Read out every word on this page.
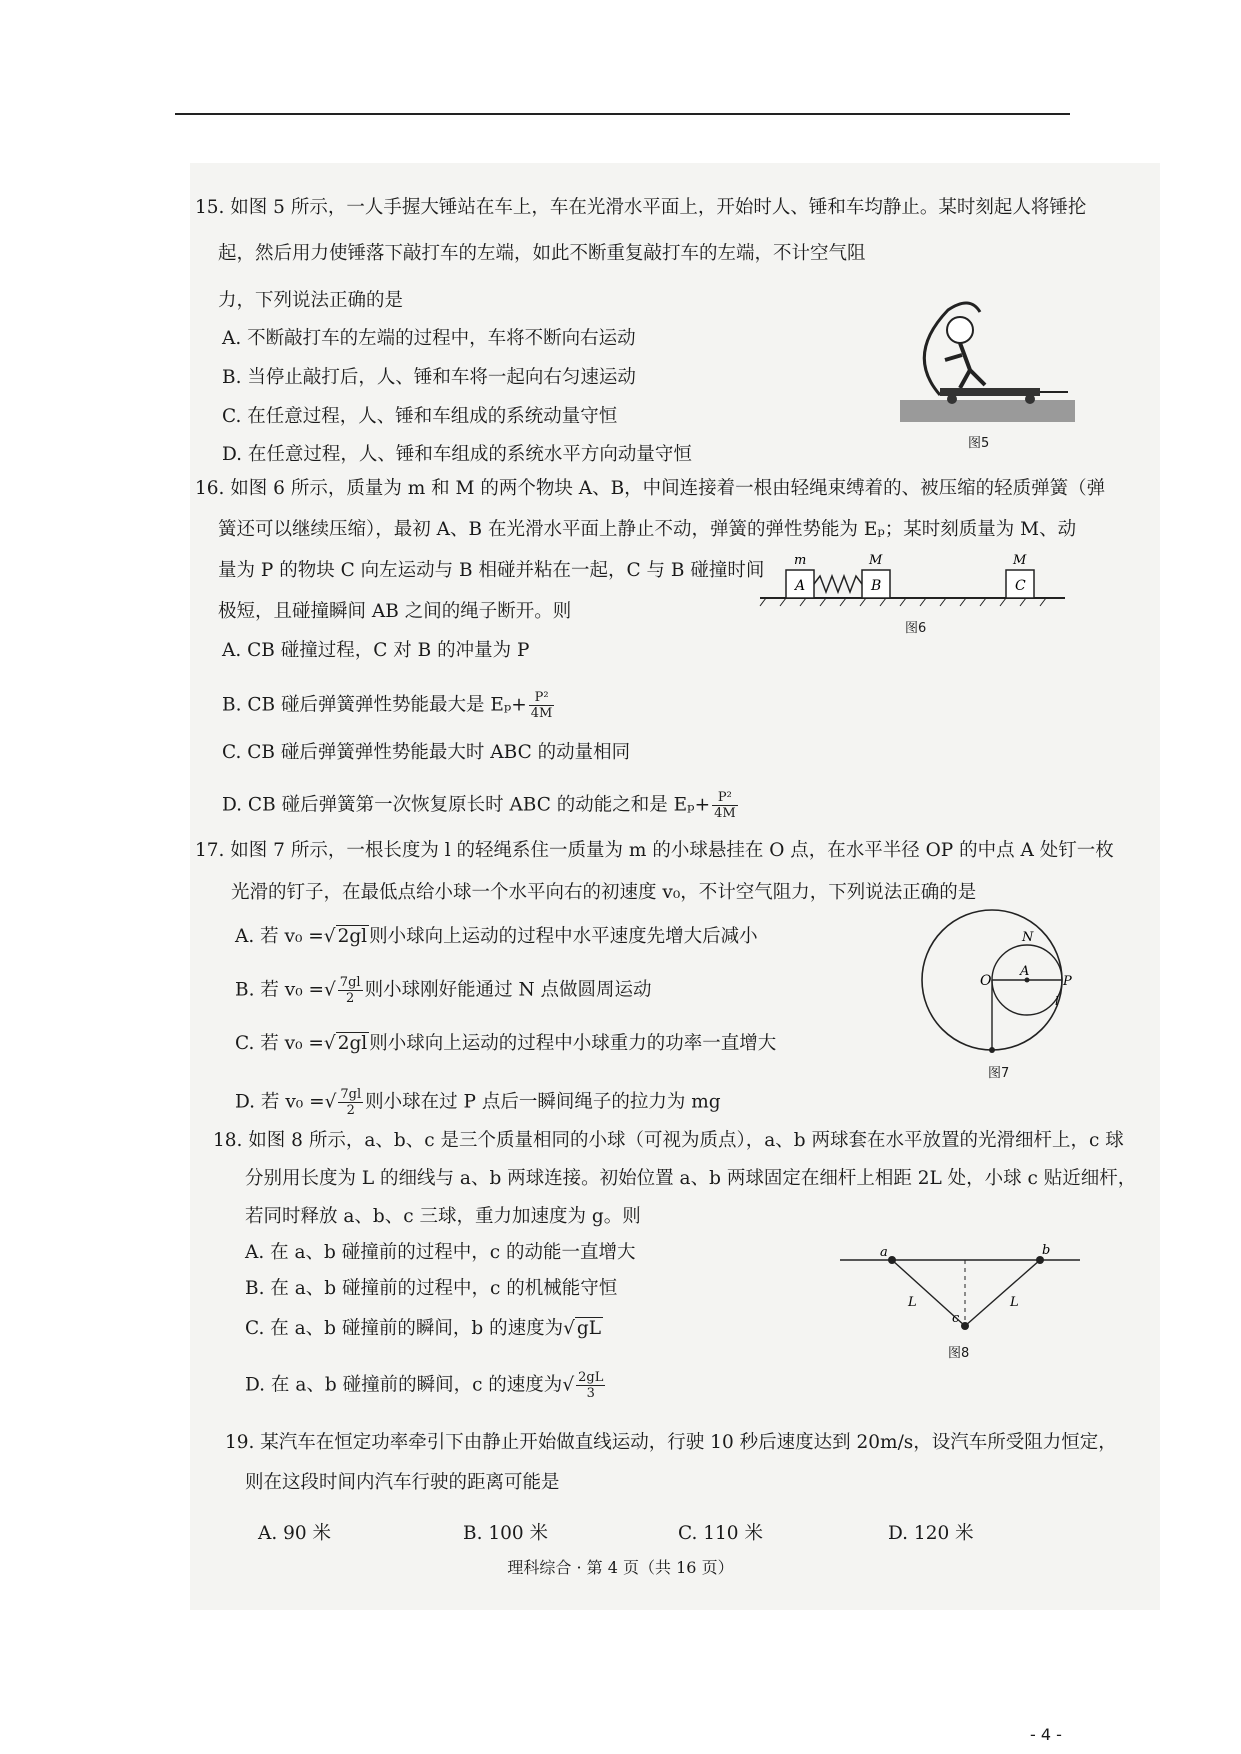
15. 如图 5 所示，一人手握大锤站在车上，车在光滑水平面上，开始时人、锤和车均静止。某时刻起人将锤抡
起，然后用力使锤落下敲打车的左端，如此不断重复敲打车的左端，不计空气阻
力，下列说法正确的是
A. 不断敲打车的左端的过程中，车将不断向右运动
B. 当停止敲打后，人、锤和车将一起向右匀速运动
C. 在任意过程，人、锤和车组成的系统动量守恒
D. 在任意过程，人、锤和车组成的系统水平方向动量守恒
图5
16. 如图 6 所示，质量为 m 和 M 的两个物块 A、B，中间连接着一根由轻绳束缚着的、被压缩的轻质弹簧（弹
簧还可以继续压缩），最初 A、B 在光滑水平面上静止不动，弹簧的弹性势能为 Eₚ；某时刻质量为 M、动
量为 P 的物块 C 向左运动与 B 相碰并粘在一起，C 与 B 碰撞时间
极短，且碰撞瞬间 AB 之间的绳子断开。则
A. CB 碰撞过程，C 对 B 的冲量为 P
B. CB 碰后弹簧弹性势能最大是 $E_p+ \frac{\text{P²}}{4M}$
C. CB 碰后弹簧弹性势能最大时 ABC 的动量相同
D. CB 碰后弹簧第一次恢复原长时 ABC 的动能之和是 $E_p+ \frac{\text{P²}}{4M}$
m	M	M
A	B	C
图6
17. 如图 7 所示，一根长度为 l 的轻绳系住一质量为 m 的小球悬挂在 O 点，在水平半径 OP 的中点 A 处钉一枚
光滑的钉子，在最低点给小球一个水平向右的初速度 v₀，不计空气阻力，下列说法正确的是
A. 若 v₀ =√ 2gl 则小球向上运动的过程中水平速度先增大后减小
B. 若 v₀ =√ $\frac{7gl}{2}$ 则小球刚好能通过 N 点做圆周运动
C. 若 v₀ =√ 2gl 则小球向上运动的过程中小球重力的功率一直增大
D. 若 v₀ =√ $\frac{7gl}{2}$ 则小球在过 P 点后一瞬间绳子的拉力为 mg
O
A
N
P
l
图7
18. 如图 8 所示，a、b、c 是三个质量相同的小球（可视为质点），a、b 两球套在水平放置的光滑细杆上，c 球
分别用长度为 L 的细线与 a、b 两球连接。初始位置 a、b 两球固定在细杆上相距 2L 处，小球 c 贴近细杆，
若同时释放 a、b、c 三球，重力加速度为 g。则
A. 在 a、b 碰撞前的过程中，c 的动能一直增大
B. 在 a、b 碰撞前的过程中，c 的机械能守恒
C. 在 a、b 碰撞前的瞬间，b 的速度为√ gL
D. 在 a、b 碰撞前的瞬间，c 的速度为√ $\frac{2gL}{3}$
a	b
c
L	L
图8
19. 某汽车在恒定功率牵引下由静止开始做直线运动，行驶 10 秒后速度达到 20m/s，设汽车所受阻力恒定，
则在这段时间内汽车行驶的距离可能是
A. 90 米	B. 100 米	C. 110 米	D. 120 米
理科综合 · 第 4 页（共 16 页）
- 4 -
